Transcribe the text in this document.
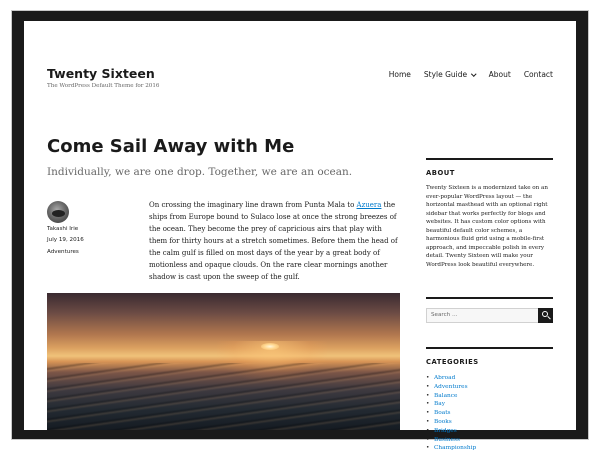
Twenty Sixteen
The WordPress Default Theme for 2016
Home Style Guide	About Contact
Come Sail Away with Me
Individually, we are one drop. Together, we are an ocean.
Takashi Irie
July 19, 2016
Adventures
On crossing the imaginary line drawn from Punta Mala to Azuera the ships from Europe bound to Sulaco lose at once the strong breezes of the ocean. They become the prey of capricious airs that play with them for thirty hours at a stretch sometimes. Before them the head of the calm gulf is filled on most days of the year by a great body of motionless and opaque clouds. On the rare clear mornings another shadow is cast upon the sweep of the gulf.
ABOUT
Twenty Sixteen is a modernized take on an ever-popular WordPress layout — the horizontal masthead with an optional right sidebar that works perfectly for blogs and websites. It has custom color options with beautiful default color schemes, a harmonious fluid grid using a mobile-first approach, and impeccable polish in every detail. Twenty Sixteen will make your WordPress look beautiful everywhere.
Search …
CATEGORIES
• Abroad
• Adventures
• Balance
• Bay
• Boats
• Books
• Bridges
• Business
• Championship
